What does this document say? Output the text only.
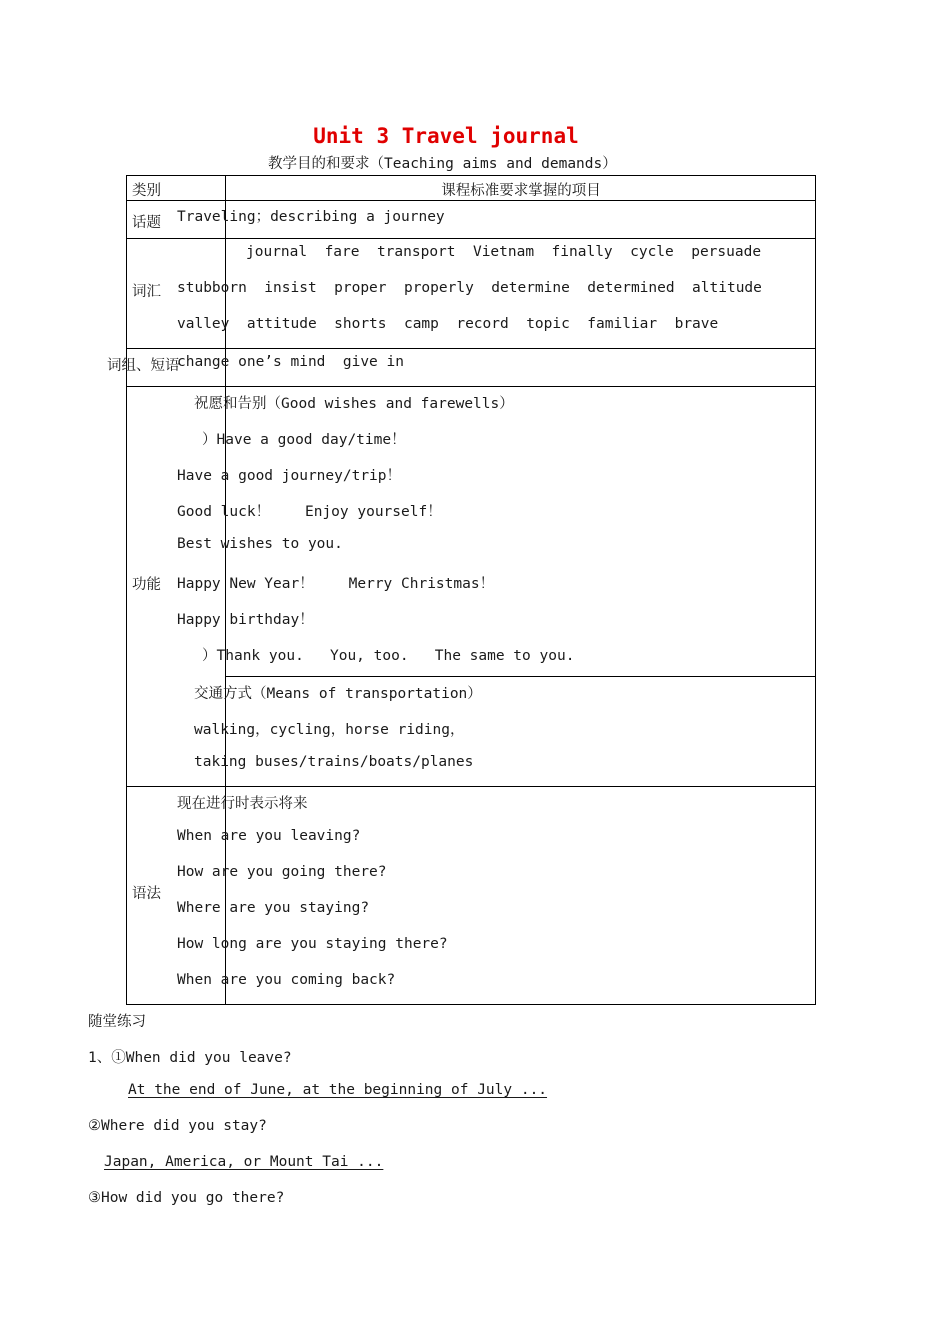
Unit 3 Travel journal
教学目的和要求（Teaching aims and demands）
类别	课程标准要求掌握的项目
话题 Traveling；describing a journey
词汇
journal  fare  transport  Vietnam  finally  cycle  persuade
stubborn  insist  proper  properly  determine  determined  altitude
valley  attitude  shorts  camp  record  topic  familiar  brave
词组、短语
change one’s mind  give in
功能
祝愿和告别（Good wishes and farewells）
）Have a good day/time！
Have a good journey/trip！
Good luck！    Enjoy yourself！
Best wishes to you.
Happy New Year！    Merry Christmas！
Happy birthday！
）Thank you.   You, too.   The same to you.
交通方式（Means of transportation）
walking，cycling，horse riding，
taking buses/trains/boats/planes
语法
现在进行时表示将来
When are you leaving?
How are you going there?
Where are you staying?
How long are you staying there?
When are you coming back?
随堂练习
1、①When did you leave?
At the end of June, at the beginning of July ...
②Where did you stay?
Japan, America, or Mount Tai ...
③How did you go there?
